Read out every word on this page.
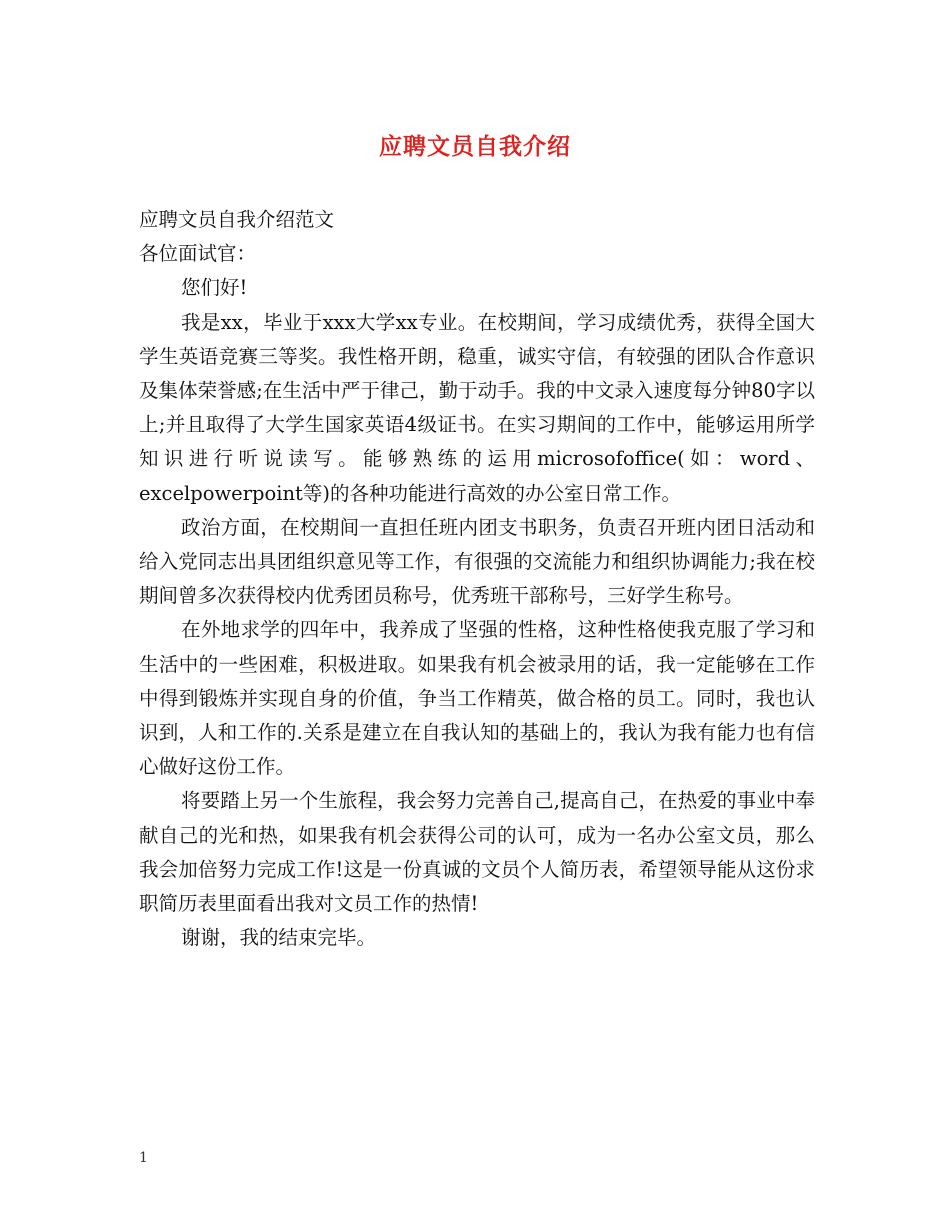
应聘文员自我介绍

应聘文员自我介绍范文

各位面试官：

您们好!

我是xx，毕业于xxx大学xx专业。在校期间，学习成绩优秀，获得全国大学生英语竞赛三等奖。我性格开朗，稳重，诚实守信，有较强的团队合作意识及集体荣誉感;在生活中严于律己，勤于动手。我的中文录入速度每分钟80字以上;并且取得了大学生国家英语4级证书。在实习期间的工作中，能够运用所学知识进行听说读写。能够熟练的运用microsofoffice(如：word、excelpowerpoint等)的各种功能进行高效的办公室日常工作。

政治方面，在校期间一直担任班内团支书职务，负责召开班内团日活动和给入党同志出具团组织意见等工作，有很强的交流能力和组织协调能力;我在校期间曾多次获得校内优秀团员称号，优秀班干部称号，三好学生称号。

在外地求学的四年中，我养成了坚强的性格，这种性格使我克服了学习和生活中的一些困难，积极进取。如果我有机会被录用的话，我一定能够在工作中得到锻炼并实现自身的价值，争当工作精英，做合格的员工。同时，我也认识到，人和工作的.关系是建立在自我认知的基础上的，我认为我有能力也有信心做好这份工作。

将要踏上另一个生旅程，我会努力完善自己,提高自己，在热爱的事业中奉献自己的光和热，如果我有机会获得公司的认可，成为一名办公室文员，那么我会加倍努力完成工作!这是一份真诚的文员个人简历表，希望领导能从这份求职简历表里面看出我对文员工作的热情!

谢谢，我的结束完毕。

1
